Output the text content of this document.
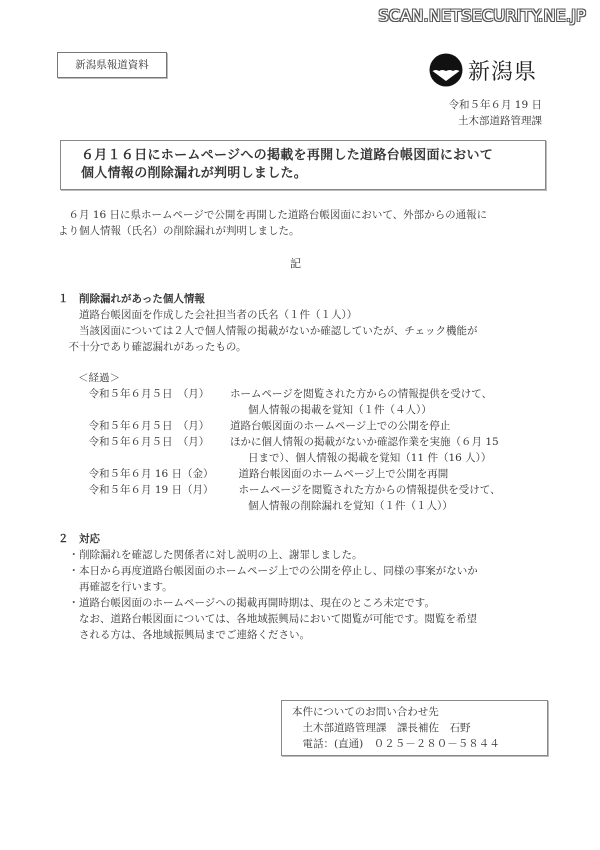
SCAN.NETSECURITY.NE.JP
新潟県報道資料	新潟県
令和５年６月 19 日
土木部道路管理課
６月１６日にホームページへの掲載を再開した道路台帳図面において
個人情報の削除漏れが判明しました。
　６月 16 日に県ホームページで公開を再開した道路台帳図面において、外部からの通報に
より個人情報（氏名）の削除漏れが判明しました。
記
１　削除漏れがあった個人情報
　　道路台帳図面を作成した会社担当者の氏名（１件（１人））
　　当該図面については２人で個人情報の掲載がないか確認していたが、チェック機能が
　不十分であり確認漏れがあったもの。
＜経過＞
　令和５年６月５日　（月）	ホームページを閲覧された方からの情報提供を受けて、
個人情報の掲載を覚知（１件（４人））
　令和５年６月５日　（月）	道路台帳図面のホームページ上での公開を停止
　令和５年６月５日　（月）	ほかに個人情報の掲載がないか確認作業を実施（６月 15
日まで）、個人情報の掲載を覚知（11 件（16 人））
　令和５年６月 16 日（金）	　道路台帳図面のホームページ上で公開を再開
　令和５年６月 19 日（月）	　ホームページを閲覧された方からの情報提供を受けて、
個人情報の削除漏れを覚知（１件（１人））
２　対応
　・削除漏れを確認した関係者に対し説明の上、謝罪しました。
　・本日から再度道路台帳図面のホームページ上での公開を停止し、同様の事案がないか
　　再確認を行います。
　・道路台帳図面のホームページへの掲載再開時期は、現在のところ未定です。
　　なお、道路台帳図面については、各地域振興局において閲覧が可能です。閲覧を希望
　　される方は、各地域振興局までご連絡ください。
本件についてのお問い合わせ先
　土木部道路管理課　課長補佐　石野
　電話：(直通)　０２５－２８０－５８４４
